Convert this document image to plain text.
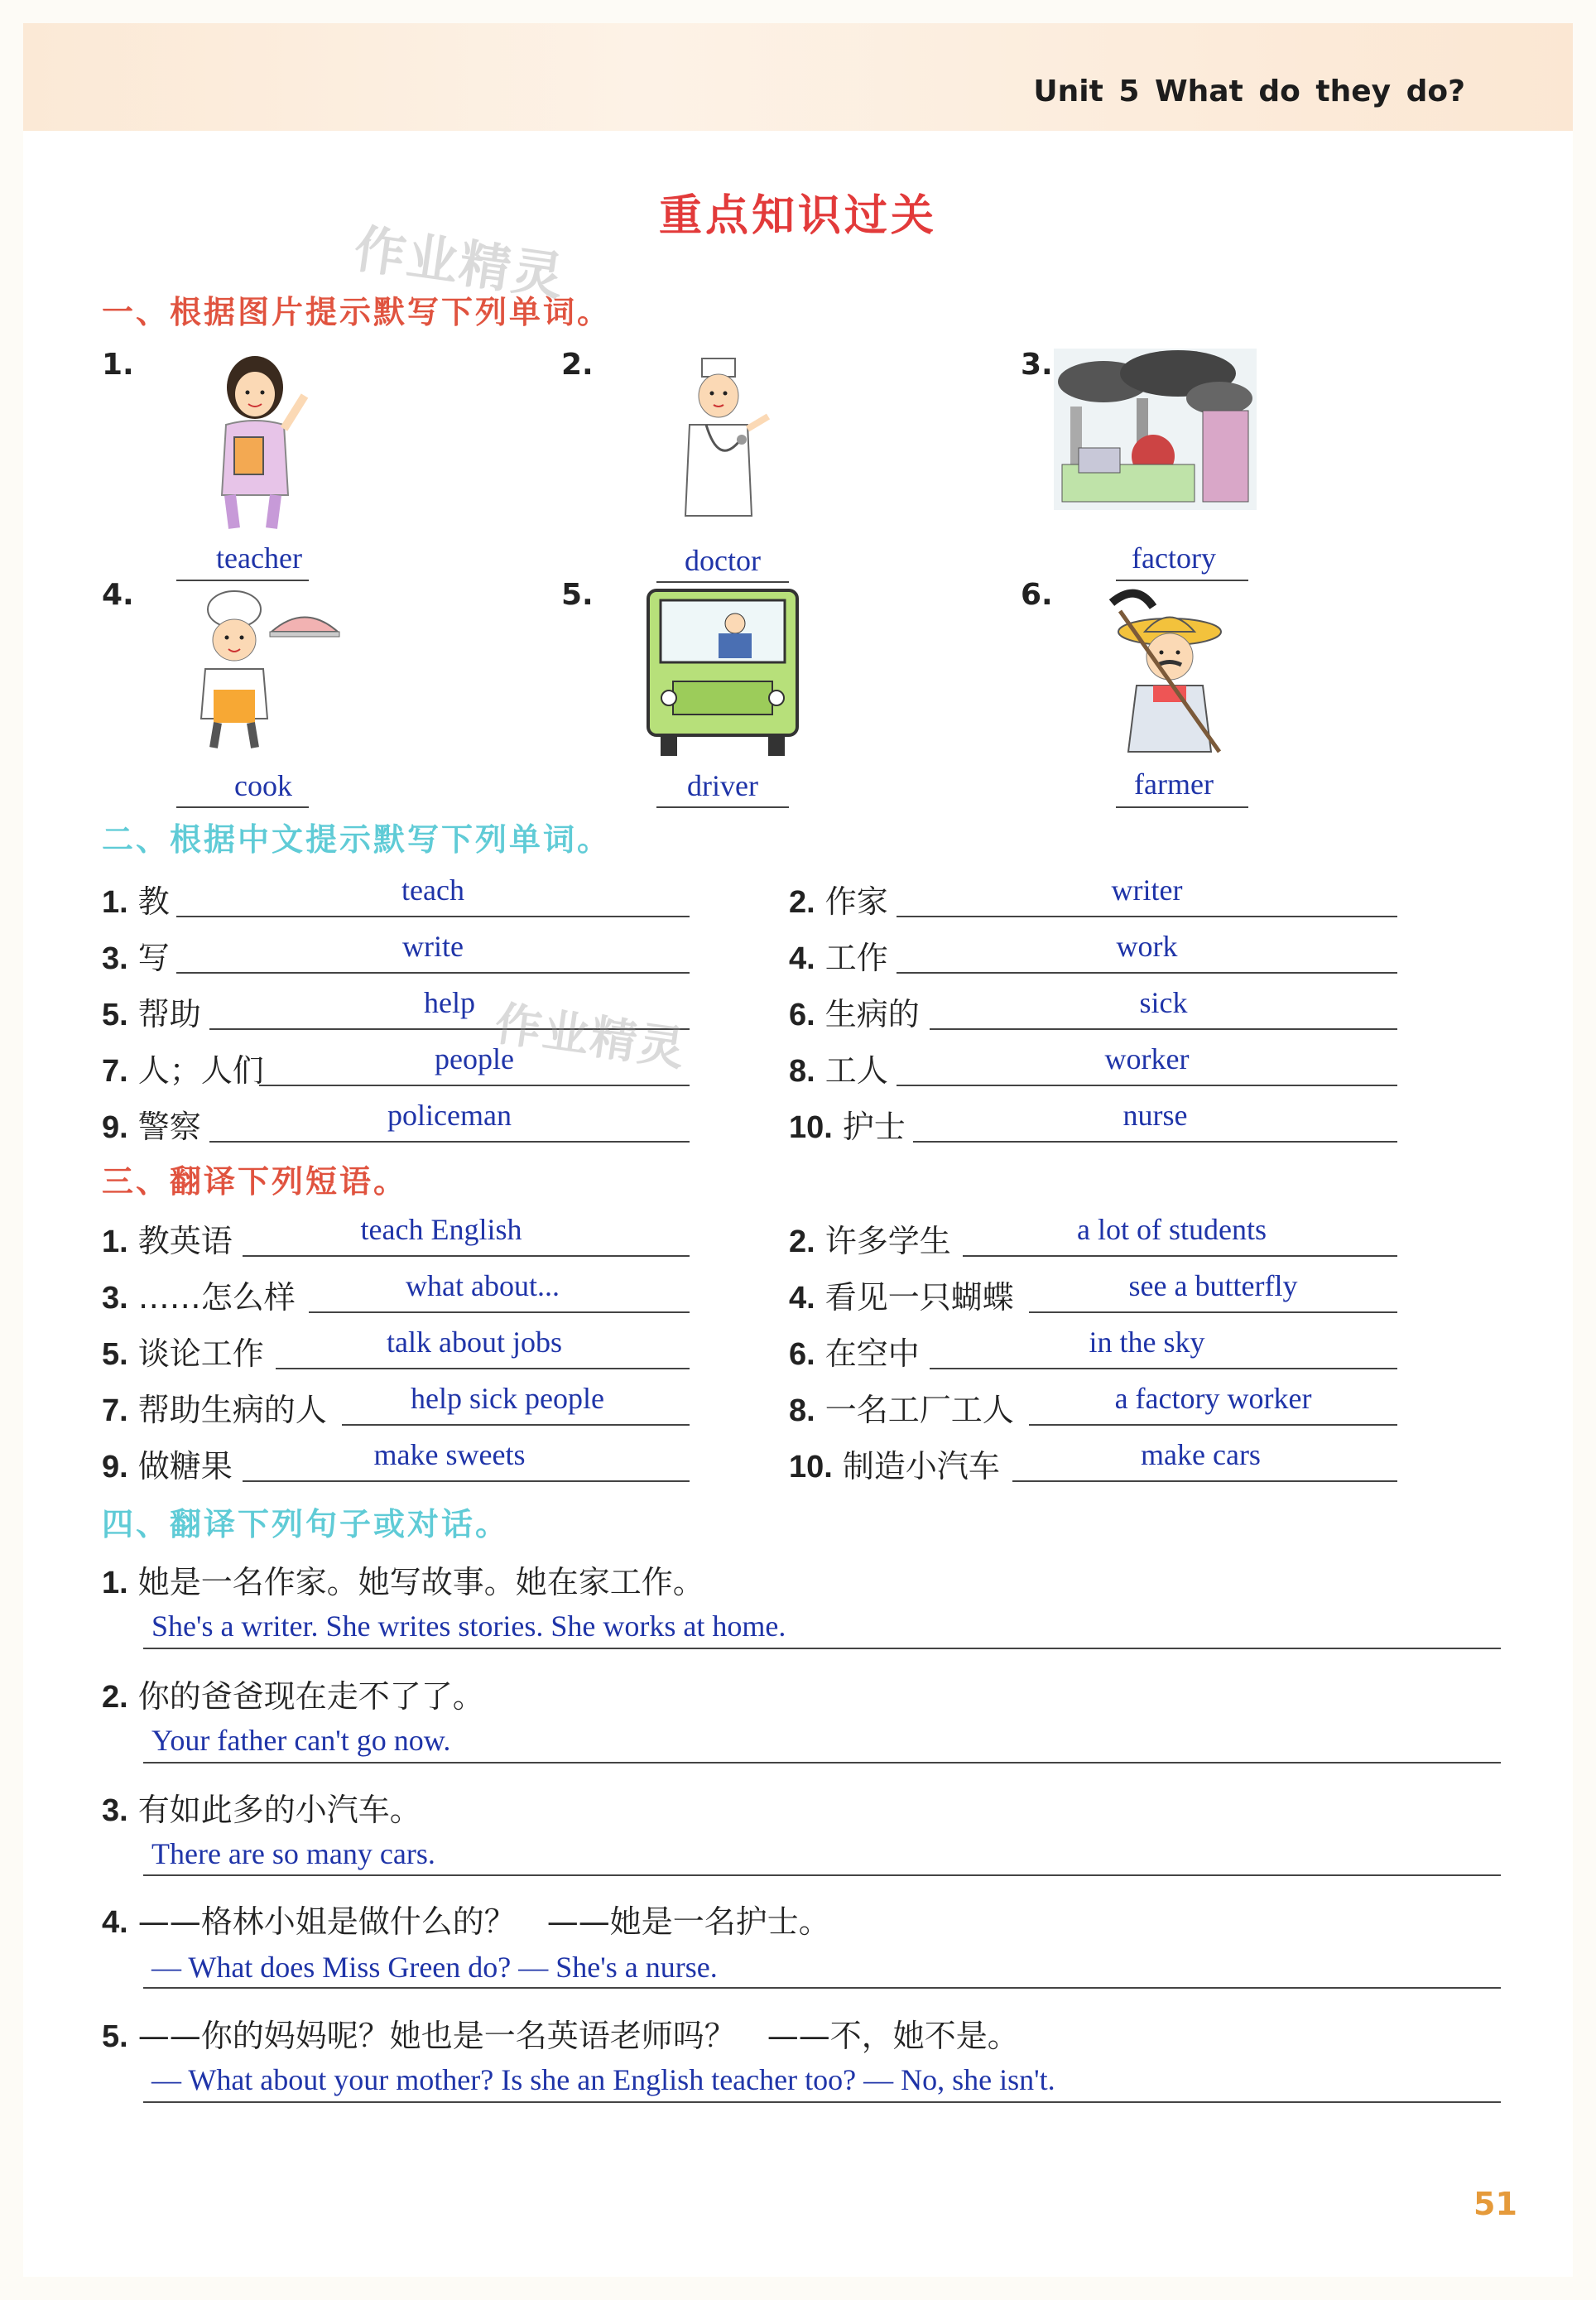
Unit 5 What do they do?
重点知识过关
作业精灵
一、根据图片提示默写下列单词。
1.
teacher
2.
doctor
3.
factory
4.
cook
5.
driver
6.
farmer
二、根据中文提示默写下列单词。
1. 教	teach
3. 写	write
5. 帮助	help 作业精灵
7. 人；人们	people
9. 警察	policeman
2. 作家	writer
4. 工作	work
6. 生病的	sick
8. 工人	worker
10. 护士	nurse
三、翻译下列短语。
1. 教英语	teach English
3. ……怎么样	what about...
5. 谈论工作	talk about jobs
7. 帮助生病的人	help sick people
9. 做糖果	make sweets
2. 许多学生	a lot of students
4. 看见一只蝴蝶	see a butterfly
6. 在空中	in the sky
8. 一名工厂工人	a factory worker
10. 制造小汽车	make cars
四、翻译下列句子或对话。
1. 她是一名作家。她写故事。她在家工作。
She's a writer. She writes stories. She works at home.
2. 你的爸爸现在走不了了。
Your father can't go now.
3. 有如此多的小汽车。
There are so many cars.
4. ——格林小姐是做什么的？　——她是一名护士。
— What does Miss Green do? — She's a nurse.
5. ——你的妈妈呢？她也是一名英语老师吗？　——不，她不是。
— What about your mother? Is she an English teacher too? — No, she isn't.
51
